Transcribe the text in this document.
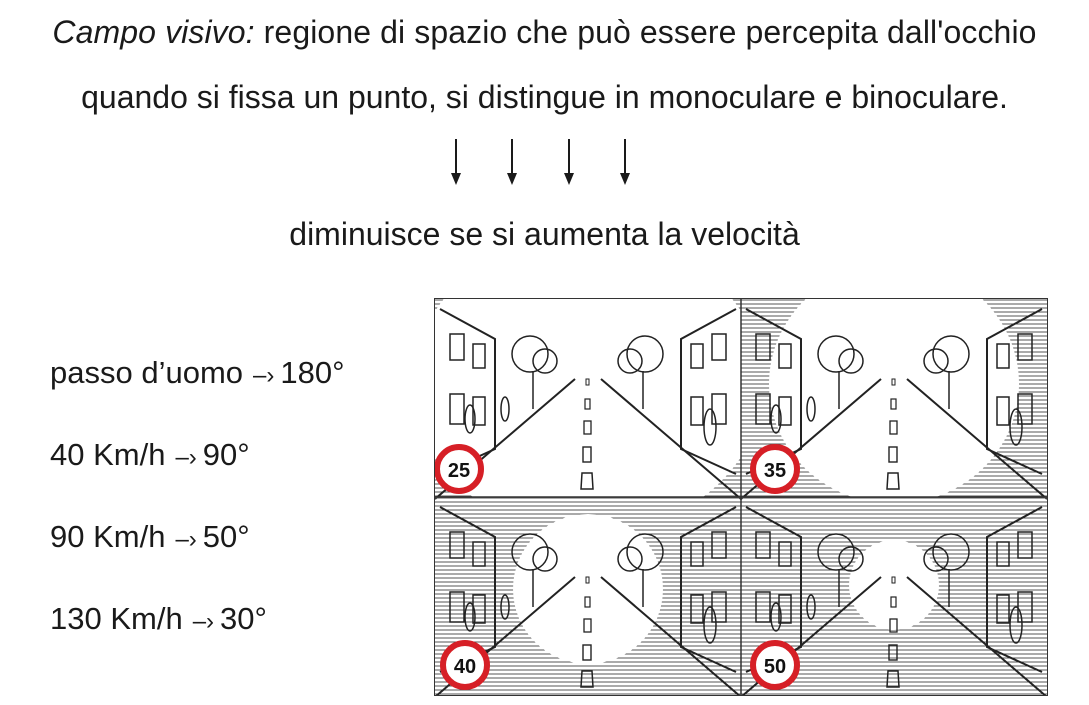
Campo visivo: regione di spazio che può essere percepita dall'occhio
quando si fissa un punto, si distingue in monoculare e binoculare.
diminuisce se si aumenta la velocità
passo d’uomo –› 180°
40 Km/h –› 90°
90 Km/h –› 50°
130 Km/h –› 30°
25	35
40	50
